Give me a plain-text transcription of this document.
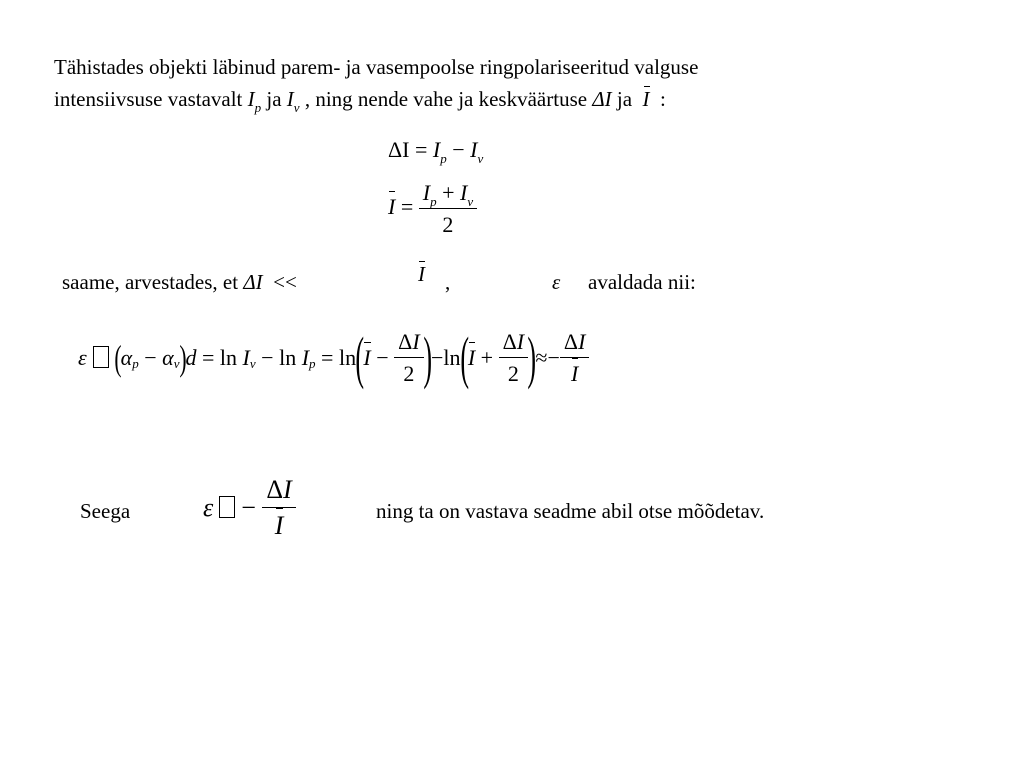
Tähistades objekti läbinud parem- ja vasempoolse ringpolariseeritud valguse
intensiivsuse vastavalt $I_p$ ja $I_v$ , ning nende vahe ja keskväärtuse ΔI ja I :
$\Delta I = I_p - I_v$
$I = \frac{I_p + I_v}{2}$
saame, arvestades, et ΔI <<	I ,	ε avaldada nii:
ε ( $\alpha_p$
−
$\alpha_v$ ) d
=
ln
$I_v$
−
ln
$I_p$
=
ln ( I
−
$\frac{\Delta I}{2}$ ) − ln ( I
+
$\frac{\Delta I}{2}$ ) ≈ − $\frac{\Delta I}{I}$
Seega	ε −
$\frac{\Delta I}{I}$	ning ta on vastava seadme abil otse mõõdetav.
